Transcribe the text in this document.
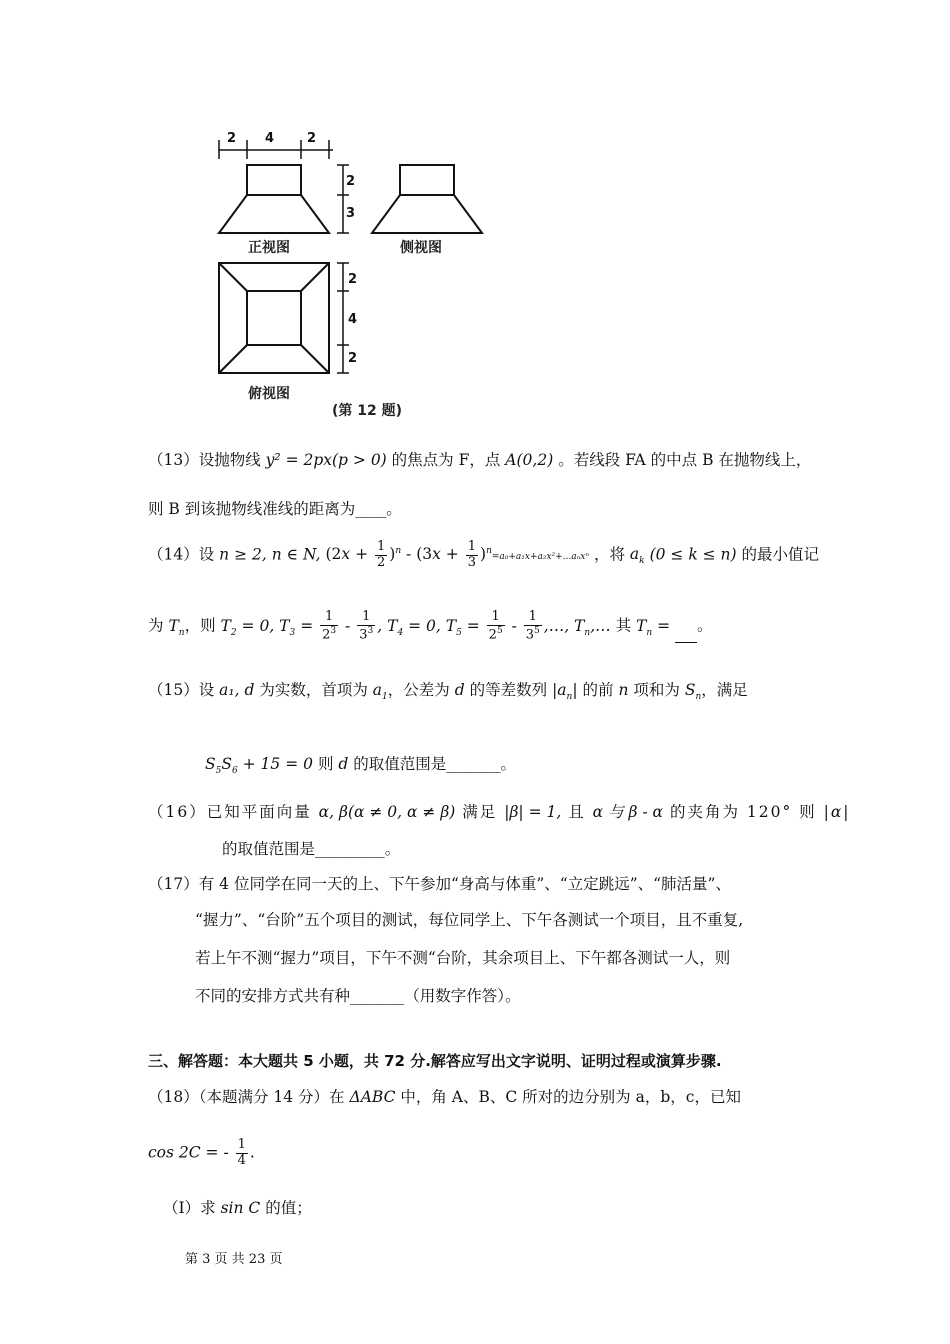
2 4	2
2
3
2
4
2
正视图	侧视图
俯视图
(第 12 题)
（13）设抛物线 y² = 2px(p > 0) 的焦点为 F，点 A(0,2) 。若线段 FA 的中点 B 在抛物线上，
则 B 到该抛物线准线的距离为____。
（14）设 n ≥ 2, n ∈ N, $(2x + \frac{1}{2} )^n - (3x + \frac{1}{3} )^n=a_0+a_1x+a_2x^2+...a_nx^n$ ，将 $a_k$ (0 ≤ k ≤ n) 的最小值记
为 $T_n$，则 $T_2 = 0$, $T_3 = \frac{1}{2^3} - \frac{1}{3^3}$ , $T_4 = 0$, $T_5 = \frac{1}{2^5} - \frac{1}{3^5}$ ,…, $T_n,\dots$ 其 $T_n$ = 。
（15）设 a₁, d 为实数，首项为 $a_1$，公差为 d 的等差数列 $|a_n|$ 的前 n 项和为 $S_n$，满足
$S_5S_6 + 15 = 0$ 则 d 的取值范围是_______。
（16）已知平面向量 α, β(α ≠ 0, α ≠ β) 满足 |β| = 1, 且 α 与 β - α 的夹角为 120° 则 |α|
的取值范围是_________。
（17）有 4 位同学在同一天的上、下午参加“身高与体重”、“立定跳远”、“肺活量”、
“握力”、“台阶”五个项目的测试，每位同学上、下午各测试一个项目，且不重复,
若上午不测“握力”项目，下午不测“台阶，其余项目上、下午都各测试一人，则
不同的安排方式共有种_______（用数字作答）。
三、解答题：本大题共 5 小题，共 72 分.解答应写出文字说明、证明过程或演算步骤.
（18）（本题满分 14 分）在 ΔABC 中，角 A、B、C 所对的边分别为 a，b，c，已知
cos 2C = - $\frac{1}{4}$ .
（I）求 sin C 的值；
第 3 页 共 23 页
